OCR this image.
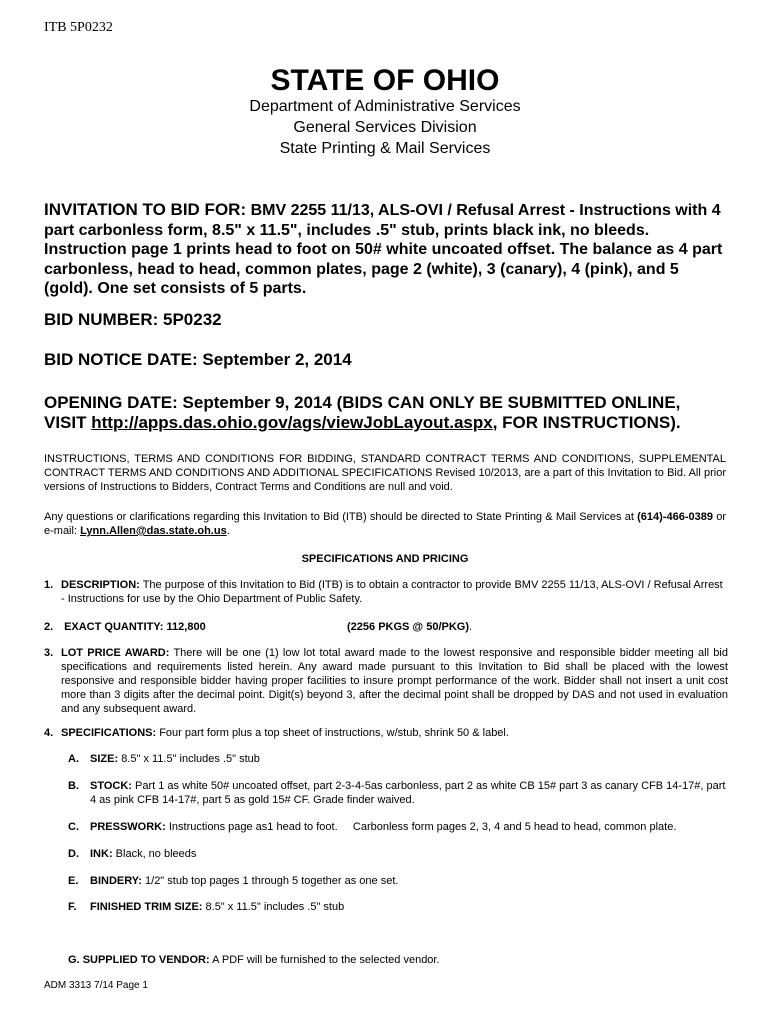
ITB 5P0232
STATE OF OHIO
Department of Administrative Services
General Services Division
State Printing & Mail Services
INVITATION TO BID FOR: BMV 2255 11/13, ALS-OVI / Refusal Arrest - Instructions with 4 part carbonless form, 8.5" x 11.5", includes .5" stub, prints black ink, no bleeds. Instruction page 1 prints head to foot on 50# white uncoated offset. The balance as 4 part carbonless, head to head, common plates, page 2 (white), 3 (canary), 4 (pink), and 5 (gold). One set consists of 5 parts.
BID NUMBER: 5P0232
BID NOTICE DATE: September 2, 2014
OPENING DATE: September 9, 2014 (BIDS CAN ONLY BE SUBMITTED ONLINE,
VISIT http://apps.das.ohio.gov/ags/viewJobLayout.aspx, FOR INSTRUCTIONS).
INSTRUCTIONS, TERMS AND CONDITIONS FOR BIDDING, STANDARD CONTRACT TERMS AND CONDITIONS, SUPPLEMENTAL CONTRACT TERMS AND CONDITIONS AND ADDITIONAL SPECIFICATIONS Revised 10/2013, are a part of this Invitation to Bid. All prior versions of Instructions to Bidders, Contract Terms and Conditions are null and void.
Any questions or clarifications regarding this Invitation to Bid (ITB) should be directed to State Printing & Mail Services at (614)-466-0389 or e-mail: Lynn.Allen@das.state.oh.us.
SPECIFICATIONS AND PRICING
1. DESCRIPTION: The purpose of this Invitation to Bid (ITB) is to obtain a contractor to provide BMV 2255 11/13, ALS-OVI / Refusal Arrest - Instructions for use by the Ohio Department of Public Safety.
2. EXACT QUANTITY: 112,800	(2256 PKGS @ 50/PKG).
3. LOT PRICE AWARD: There will be one (1) low lot total award made to the lowest responsive and responsible bidder meeting all bid specifications and requirements listed herein. Any award made pursuant to this Invitation to Bid shall be placed with the lowest responsive and responsible bidder having proper facilities to insure prompt performance of the work. Bidder shall not insert a unit cost more than 3 digits after the decimal point. Digit(s) beyond 3, after the decimal point shall be dropped by DAS and not used in evaluation and any subsequent award.
4. SPECIFICATIONS: Four part form plus a top sheet of instructions, w/stub, shrink 50 & label.
A. SIZE: 8.5" x 11.5" includes .5" stub
B.	STOCK: Part 1 as white 50# uncoated offset, part 2-3-4-5as carbonless, part 2 as white CB 15# part 3 as canary CFB 14-17#, part 4 as pink CFB 14-17#, part 5 as gold 15# CF. Grade finder waived.
C. PRESSWORK: Instructions page as1 head to foot.     Carbonless form pages 2, 3, 4 and 5 head to head, common plate.
D. INK: Black, no bleeds
E. BINDERY: 1/2" stub top pages 1 through 5 together as one set.
F. FINISHED TRIM SIZE: 8.5" x 11.5" includes .5" stub
G. SUPPLIED TO VENDOR: A PDF will be furnished to the selected vendor.
ADM 3313 7/14 Page 1
